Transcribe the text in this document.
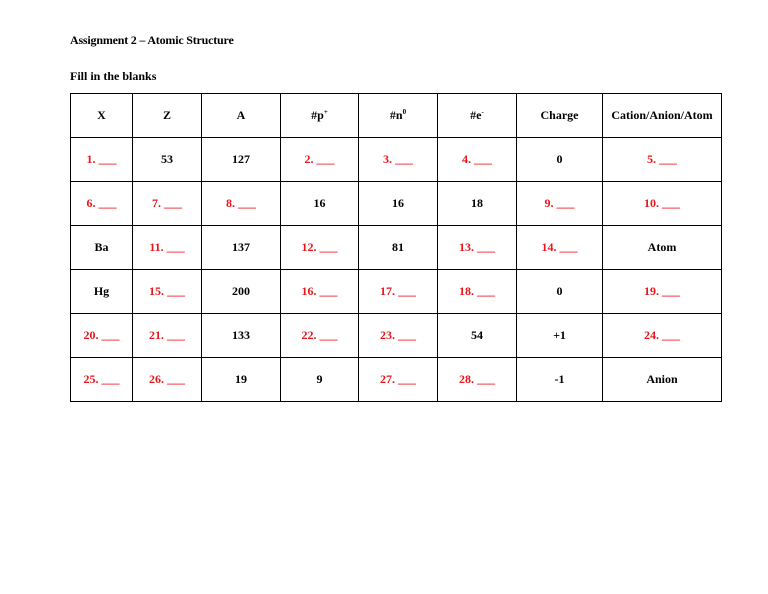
Assignment 2 – Atomic Structure
Fill in the blanks
X	Z	A	#p+	$\#n^0$	#e-	Charge	Cation/Anion/Atom
1. ___	53	127	2. ___	3. ___	4. ___	0	5. ___
6. ___	7. ___	8. ___	16	16	18	9. ___	10. ___
Ba	11. ___	137	12. ___	81	13. ___	14. ___	Atom
Hg	15. ___	200	16. ___	17. ___	18. ___	0	19. ___
20. ___	21. ___	133	22. ___	23. ___	54	+1	24. ___
25. ___	26. ___	19	9	27. ___	28. ___	-1	Anion
